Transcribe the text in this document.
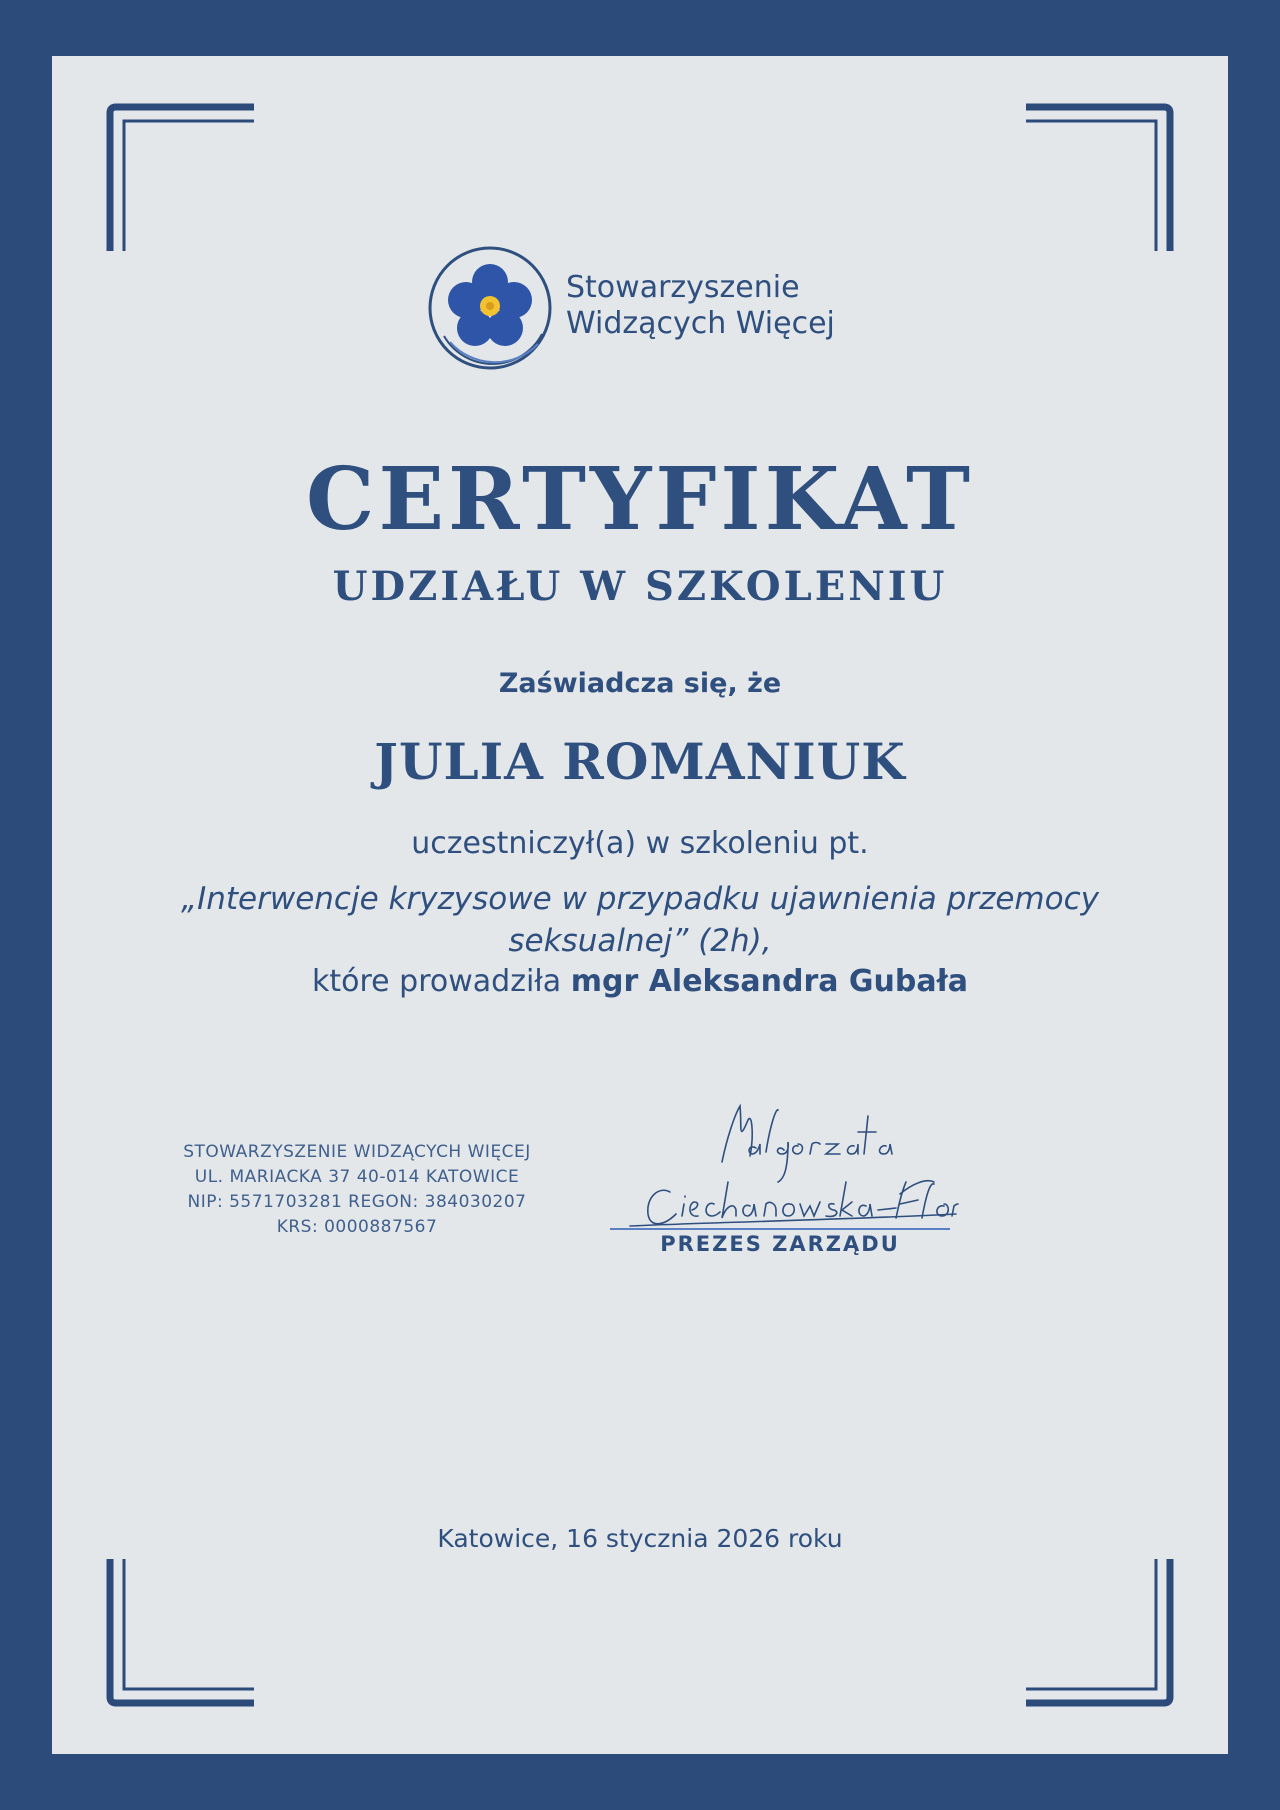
Stowarzyszenie
Widzących Więcej
CERTYFIKAT
UDZIAŁU W SZKOLENIU
Zaświadcza się, że
JULIA ROMANIUK
uczestniczył(a) w szkoleniu pt.
„Interwencje kryzysowe w przypadku ujawnienia przemocy
seksualnej” (2h),
które prowadziła mgr Aleksandra Gubała
STOWARZYSZENIE WIDZĄCYCH WIĘCEJ
UL. MARIACKA 37 40-014 KATOWICE
NIP: 5571703281 REGON: 384030207
KRS: 0000887567
PREZES ZARZĄDU
Katowice, 16 stycznia 2026 roku
